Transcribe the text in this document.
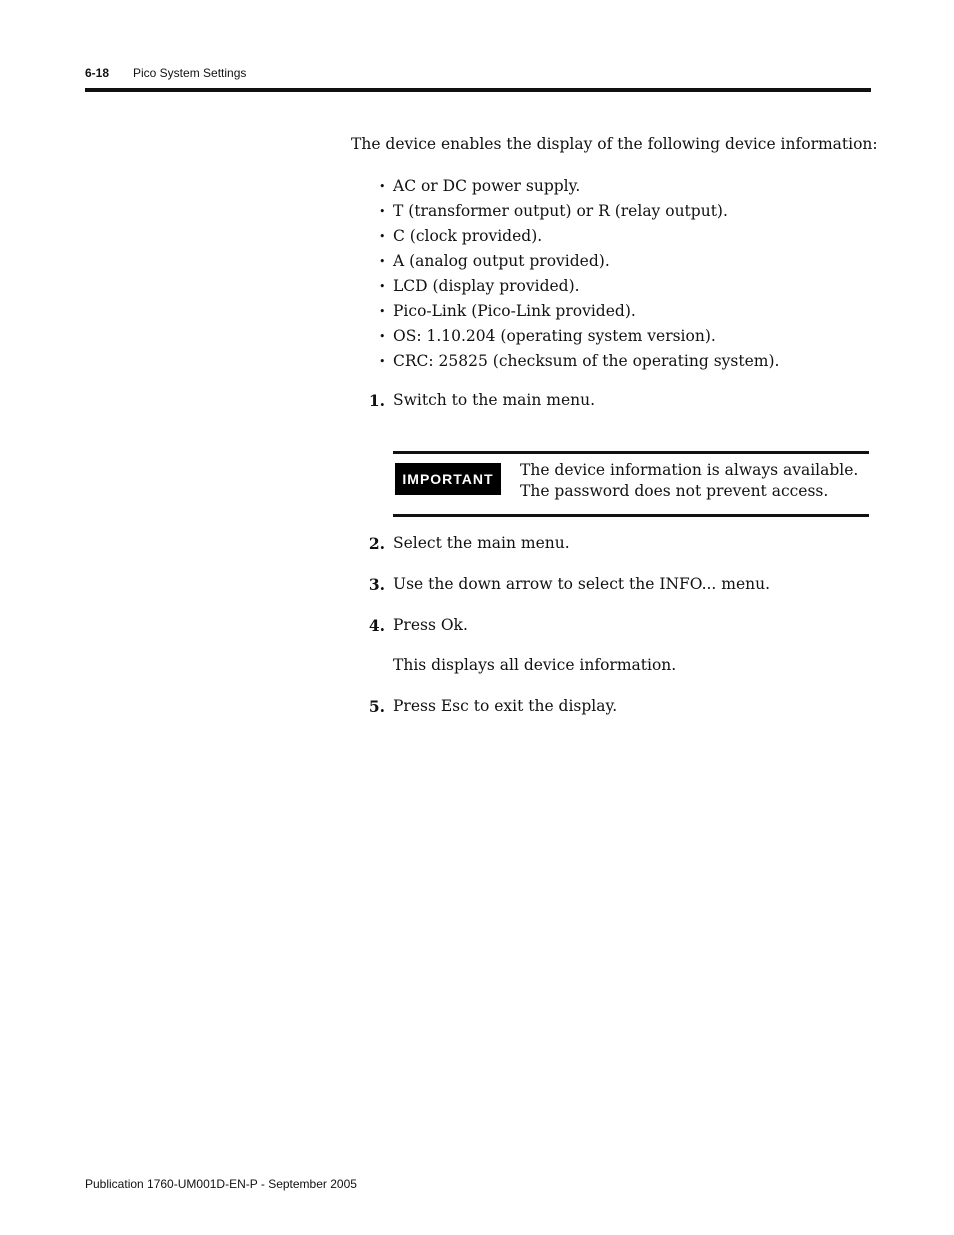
6-18 Pico System Settings
The device enables the display of the following device information:
• AC or DC power supply.
• T (transformer output) or R (relay output).
• C (clock provided).
• A (analog output provided).
• LCD (display provided).
• Pico-Link (Pico-Link provided).
• OS: 1.10.204 (operating system version).
• CRC: 25825 (checksum of the operating system).
1. Switch to the main menu.
IMPORTANT	The device information is always available.
The password does not prevent access.
2. Select the main menu.
3. Use the down arrow to select the INFO... menu.
4. Press Ok.
This displays all device information.
5. Press Esc to exit the display.
Publication 1760-UM001D-EN-P - September 2005
